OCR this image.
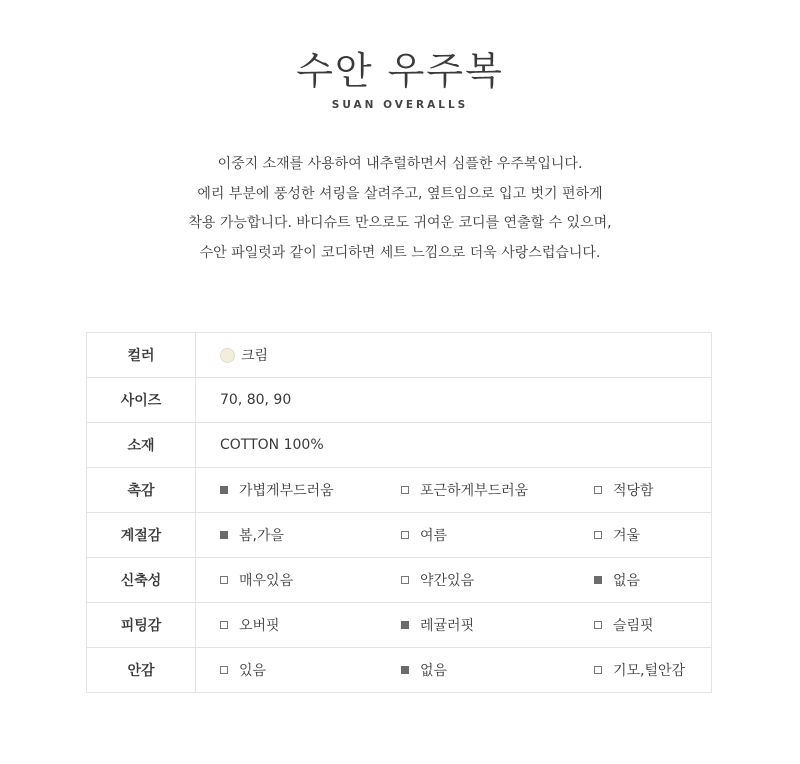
수안 우주복
SUAN OVERALLS
이중지 소재를 사용하여 내추럴하면서 심플한 우주복입니다.
에리 부분에 풍성한 셔링을 살려주고, 옆트임으로 입고 벗기 편하게
착용 가능합니다. 바디슈트 만으로도 귀여운 코디를 연출할 수 있으며,
수안 파일럿과 같이 코디하면 세트 느낌으로 더욱 사랑스럽습니다.
컬러	크림

사이즈	70, 80, 90
소재	COTTON 100%
촉감	가볍게부드러움 포근하게부드러움 적당함

계절감	봄,가을 여름 겨울

신축성	매우있음 약간있음 없음

피팅감	오버핏 레귤러핏 슬림핏

안감	있음 없음 기모,털안감
